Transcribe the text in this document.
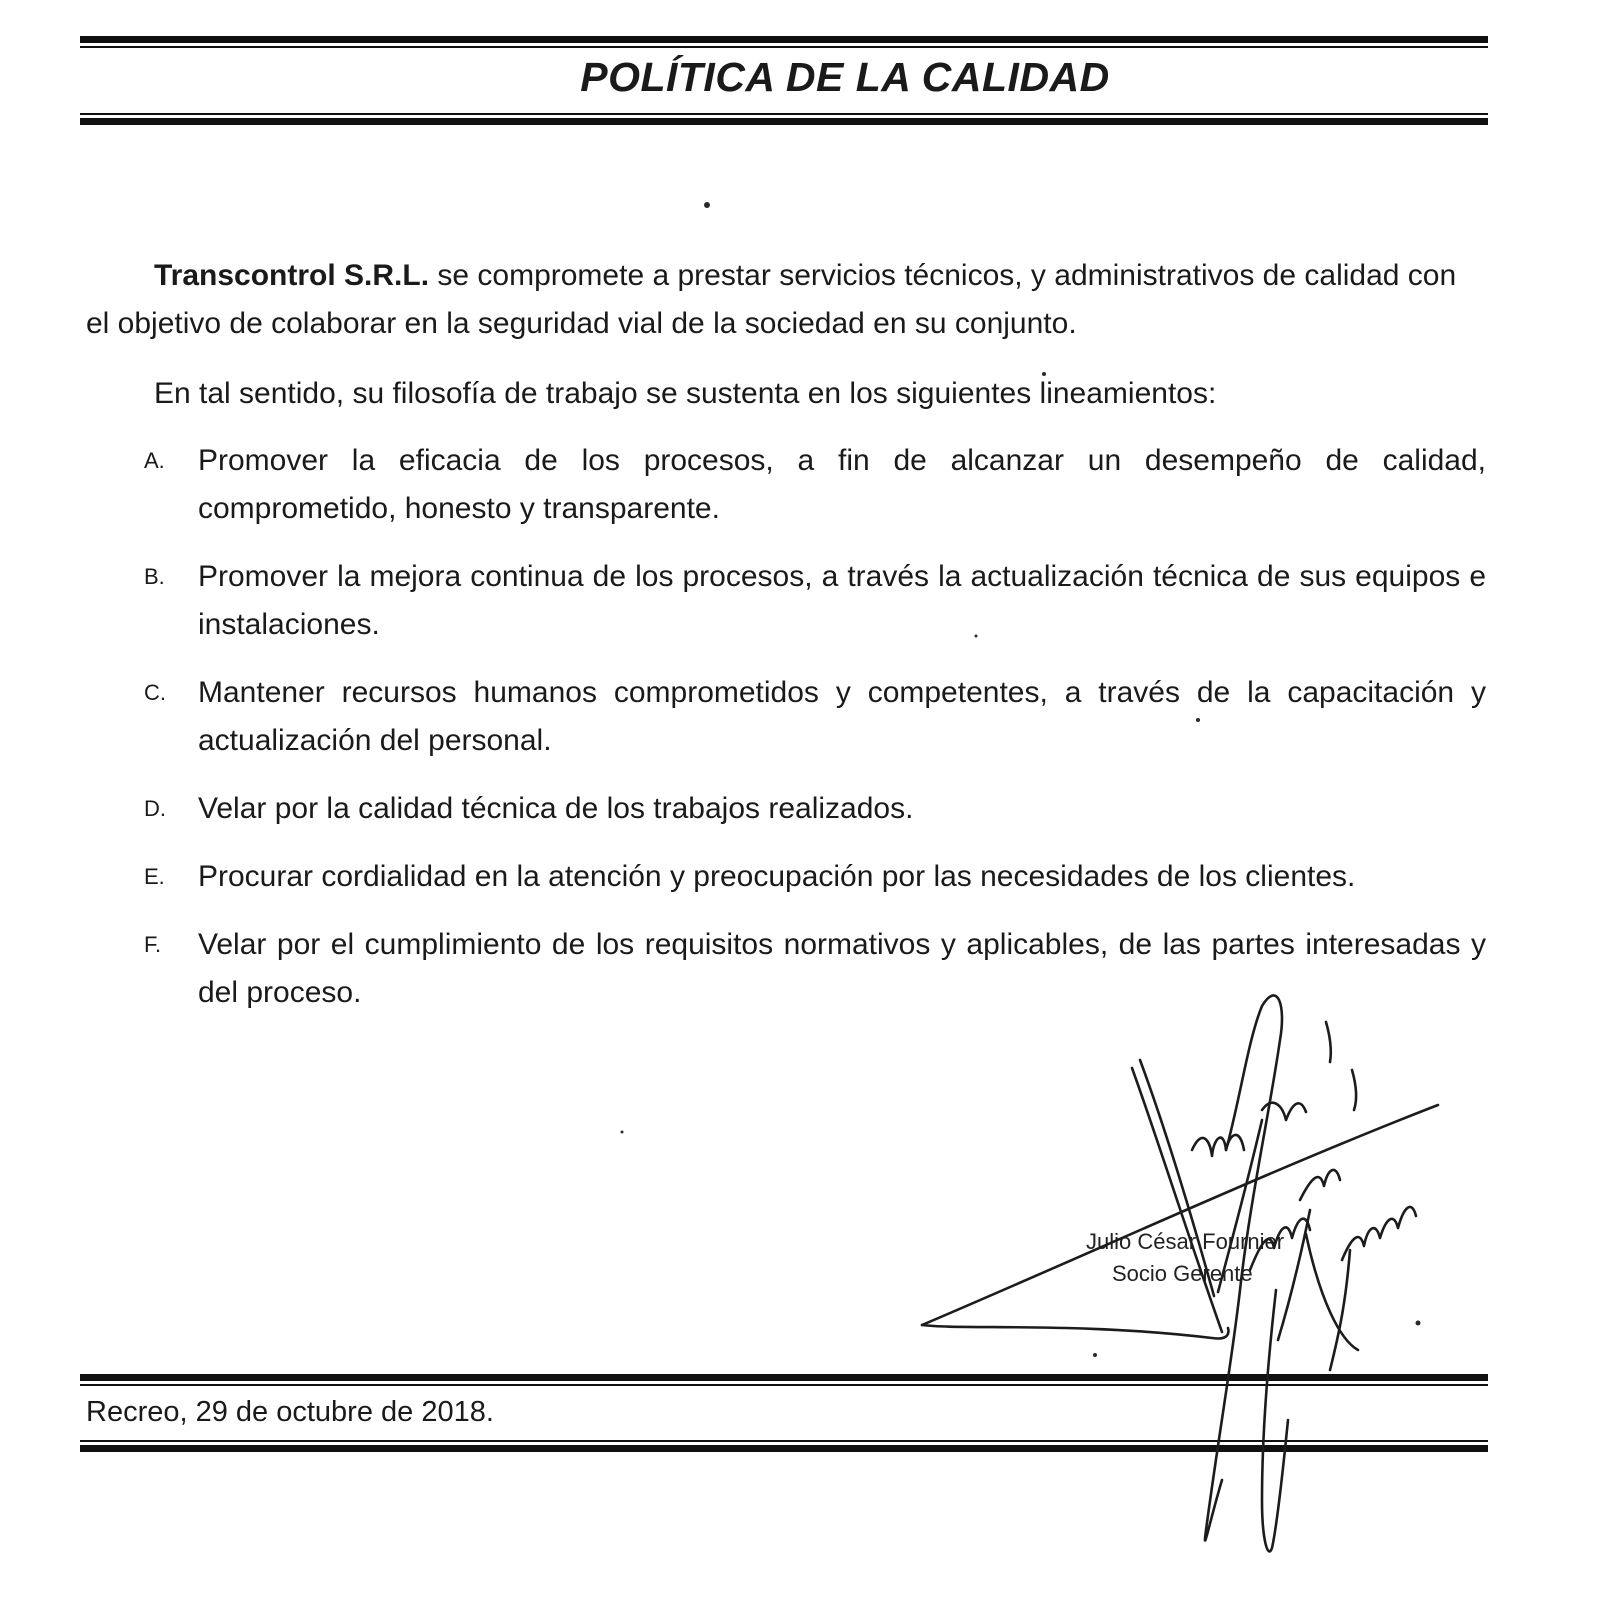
POLÍTICA DE LA CALIDAD

Transcontrol S.R.L. se compromete a prestar servicios técnicos, y administrativos de calidad con el objetivo de colaborar en la seguridad vial de la sociedad en su conjunto.

En tal sentido, su filosofía de trabajo se sustenta en los siguientes lineamientos:

A. Promover la eficacia de los procesos, a fin de alcanzar un desempeño de calidad, comprometido, honesto y transparente.
B. Promover la mejora continua de los procesos, a través la actualización técnica de sus equipos e instalaciones.
C. Mantener recursos humanos comprometidos y competentes, a través de la capacitación y actualización del personal.
D. Velar por la calidad técnica de los trabajos realizados.
E. Procurar cordialidad en la atención y preocupación por las necesidades de los clientes.
F. Velar por el cumplimiento de los requisitos normativos y aplicables, de las partes interesadas y del proceso.
Julio César Fournier
Socio Gerente
Recreo, 29 de octubre de 2018.
